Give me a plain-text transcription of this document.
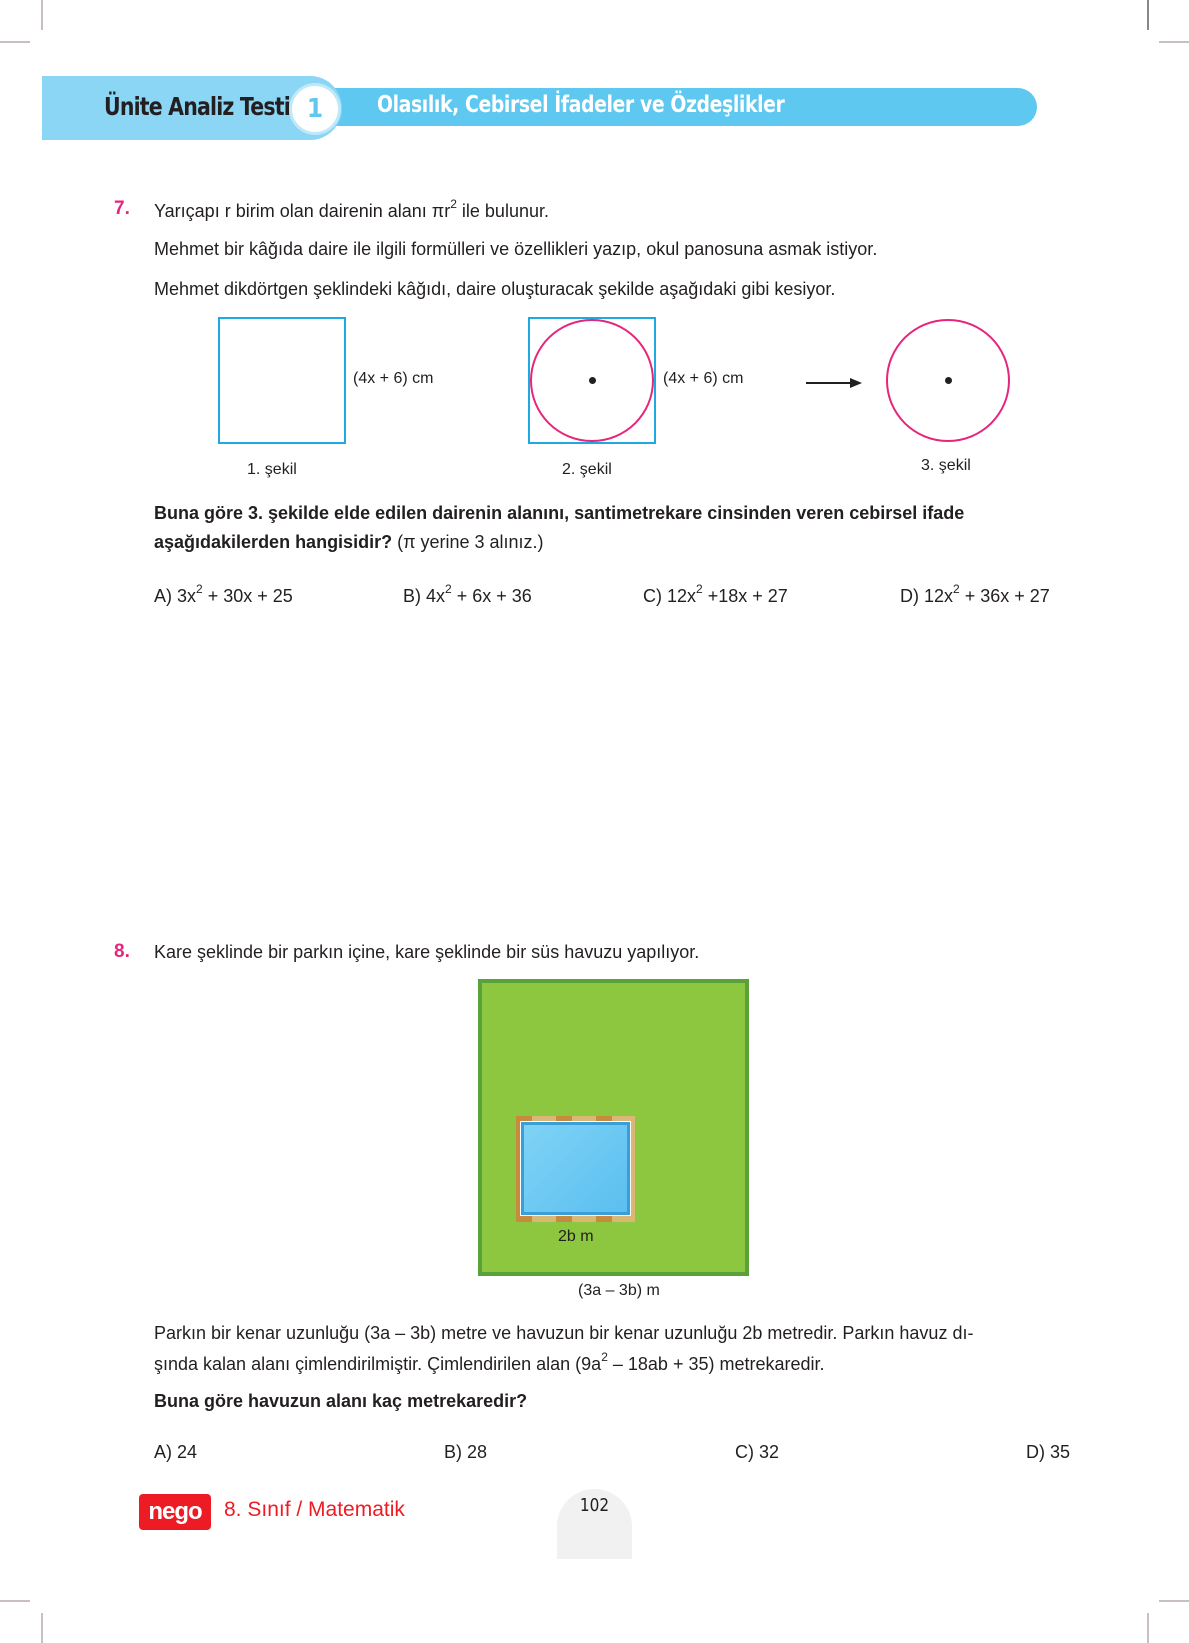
Ünite Analiz Testi 1	Olasılık, Cebirsel İfadeler ve Özdeşlikler
7. Yarıçapı r birim olan dairenin alanı $\pi r^2$ ile bulunur.
Mehmet bir kâğıda daire ile ilgili formülleri ve özellikleri yazıp, okul panosuna asmak istiyor.
Mehmet dikdörtgen şeklindeki kâğıdı, daire oluşturacak şekilde aşağıdaki gibi kesiyor.
(4x + 6) cm
1. şekil
(4x + 6) cm
2. şekil	3. şekil
Buna göre 3. şekilde elde edilen dairenin alanını, santimetrekare cinsinden veren cebirsel ifade
aşağıdakilerden hangisidir? (π yerine 3 alınız.)
A) $3x^2 + 30x + 25$	B) $4x^2 + 6x + 36$	C) $12x^2 +18x + 27$	D) $12x^2 + 36x + 27$
8. Kare şeklinde bir parkın içine, kare şeklinde bir süs havuzu yapılıyor.
2b m
(3a – 3b) m
Parkın bir kenar uzunluğu (3a – 3b) metre ve havuzun bir kenar uzunluğu 2b metredir. Parkın havuz dı-
şında kalan alanı çimlendirilmiştir. Çimlendirilen alan $(9a^2 - 18ab + 35)$ metrekaredir.
Buna göre havuzun alanı kaç metrekaredir?
A) 24	B) 28	C) 32	D) 35
nego	8. Sınıf / Matematik	102
